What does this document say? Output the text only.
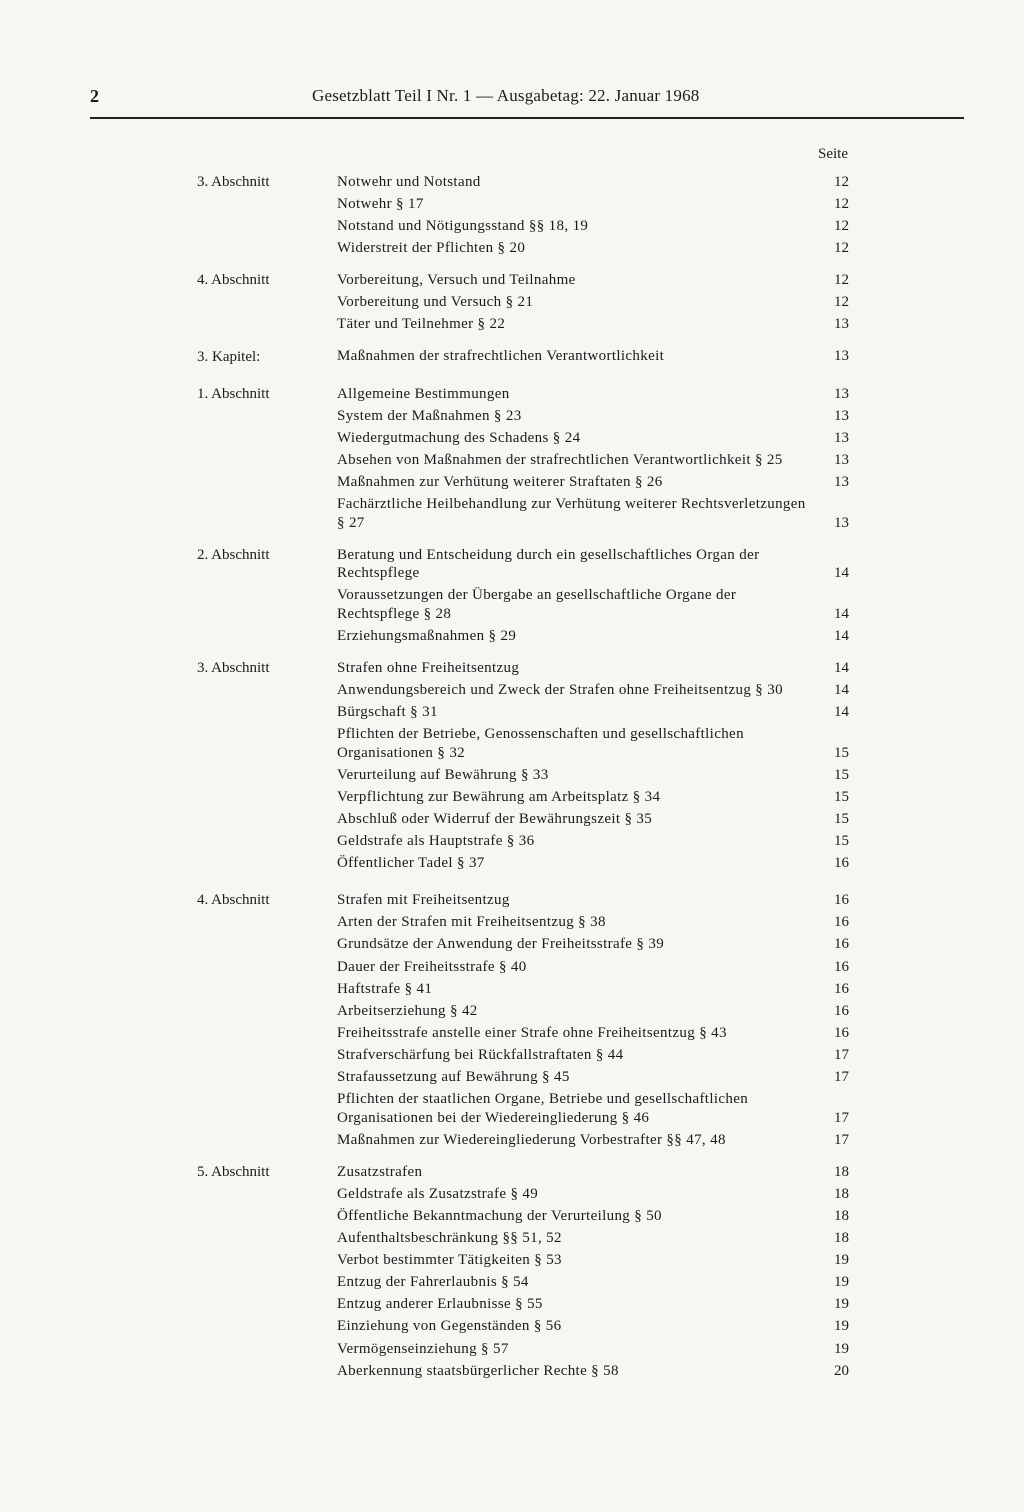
2	Gesetzblatt Teil I Nr. 1 — Ausgabetag: 22. Januar 1968
Seite
3. Abschnitt	Notwehr und Notstand	12
Notwehr § 17	12
Notstand und Nötigungsstand §§ 18, 19	12
Widerstreit der Pflichten § 20	12
4. Abschnitt	Vorbereitung, Versuch und Teilnahme	12
Vorbereitung und Versuch § 21	12
Täter und Teilnehmer § 22	13
3. Kapitel:	Maßnahmen der strafrechtlichen Verantwortlichkeit	13
1. Abschnitt	Allgemeine Bestimmungen	13
System der Maßnahmen § 23	13
Wiedergutmachung des Schadens § 24	13
Absehen von Maßnahmen der strafrechtlichen Verantwortlichkeit § 25	13
Maßnahmen zur Verhütung weiterer Straftaten § 26	13
Fachärztliche Heilbehandlung zur Verhütung weiterer Rechtsverletzungen § 27	13
2. Abschnitt	Beratung und Entscheidung durch ein gesellschaftliches Organ der Rechtspflege	14
Voraussetzungen der Übergabe an gesellschaftliche Organe der Rechtspflege § 28	14
Erziehungsmaßnahmen § 29	14
3. Abschnitt	Strafen ohne Freiheitsentzug	14
Anwendungsbereich und Zweck der Strafen ohne Freiheitsentzug § 30	14
Bürgschaft § 31	14
Pflichten der Betriebe, Genossenschaften und gesellschaftlichen Organisationen § 32	15
Verurteilung auf Bewährung § 33	15
Verpflichtung zur Bewährung am Arbeitsplatz § 34	15
Abschluß oder Widerruf der Bewährungszeit § 35	15
Geldstrafe als Hauptstrafe § 36	15
Öffentlicher Tadel § 37	16
4. Abschnitt	Strafen mit Freiheitsentzug	16
Arten der Strafen mit Freiheitsentzug § 38	16
Grundsätze der Anwendung der Freiheitsstrafe § 39	16
Dauer der Freiheitsstrafe § 40	16
Haftstrafe § 41	16
Arbeitserziehung § 42	16
Freiheitsstrafe anstelle einer Strafe ohne Freiheitsentzug § 43	16
Strafverschärfung bei Rückfallstraftaten § 44	17
Strafaussetzung auf Bewährung § 45	17
Pflichten der staatlichen Organe, Betriebe und gesellschaftlichen Organisationen bei der Wiedereingliederung § 46	17
Maßnahmen zur Wiedereingliederung Vorbestrafter §§ 47, 48	17
5. Abschnitt	Zusatzstrafen	18
Geldstrafe als Zusatzstrafe § 49	18
Öffentliche Bekanntmachung der Verurteilung § 50	18
Aufenthaltsbeschränkung §§ 51, 52	18
Verbot bestimmter Tätigkeiten § 53	19
Entzug der Fahrerlaubnis § 54	19
Entzug anderer Erlaubnisse § 55	19
Einziehung von Gegenständen § 56	19
Vermögenseinziehung § 57	19
Aberkennung staatsbürgerlicher Rechte § 58	20
